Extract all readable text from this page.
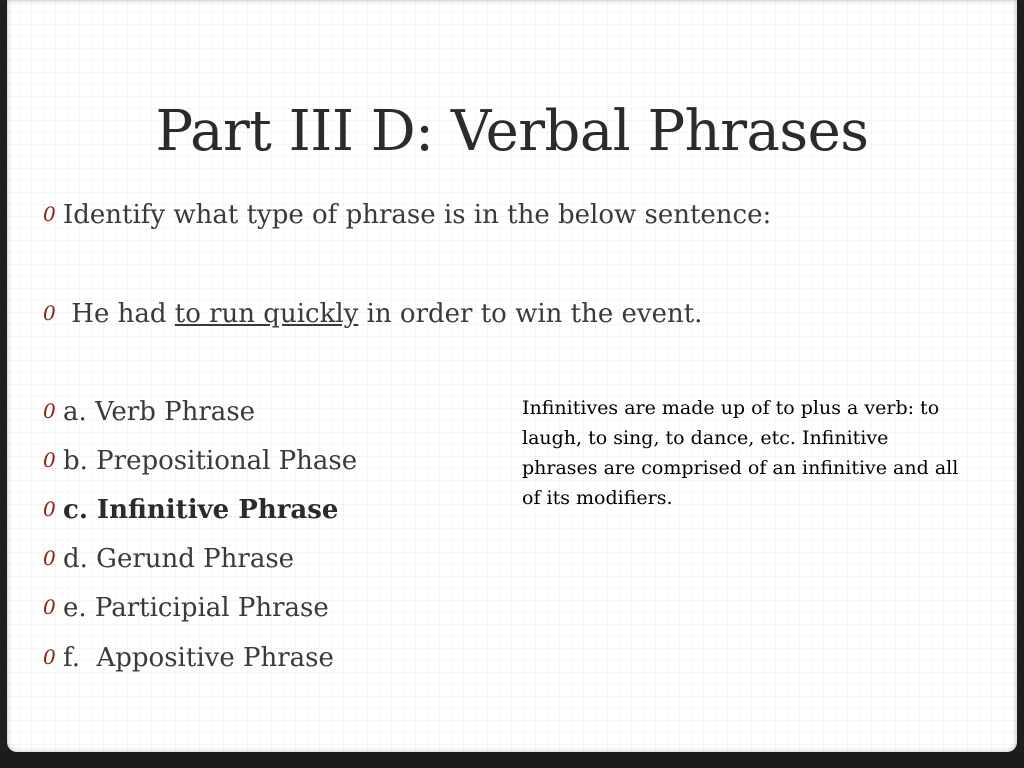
Part III D: Verbal Phrases
0 Identify what type of phrase is in the below sentence:
0 He had to run quickly in order to win the event.
0 a. Verb Phrase
0 b. Prepositional Phase
0 c. Infinitive Phrase
0 d. Gerund Phrase
0 e. Participial Phrase
0 f.  Appositive Phrase
Infinitives are made up of to plus a verb: to laugh, to sing, to dance, etc. Infinitive phrases are comprised of an infinitive and all of its modifiers.
